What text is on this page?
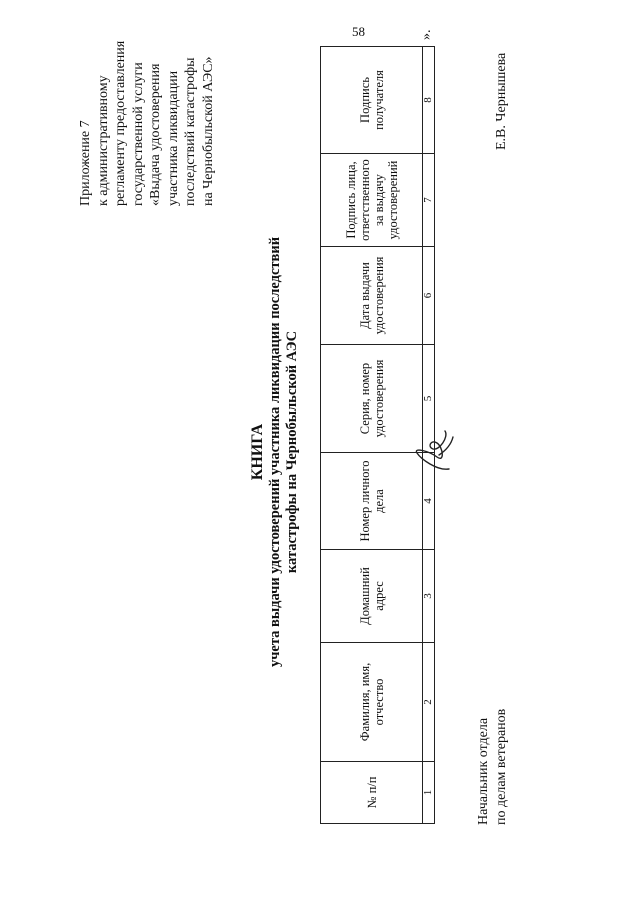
58
Приложение 7 к административному регламенту предоставления государственной услуги «Выдача удостоверения участника ликвидации последствий катастрофы на Чернобыльской АЭС»
КНИГА учета выдачи удостоверений участника ликвидации последствий катастрофы на Чернобыльской АЭС
№ п/п	Фамилия, имя, отчество	Домашний адрес	Номер личного дела	Серия, номер удостоверения	Дата выдачи удостоверения	Подпись лица, ответственного за выдачу удостоверений	Подпись получателя
1	2	3	4	5	6	7	8
».
Начальник отдела по делам ветеранов
Е.В. Чернышева
